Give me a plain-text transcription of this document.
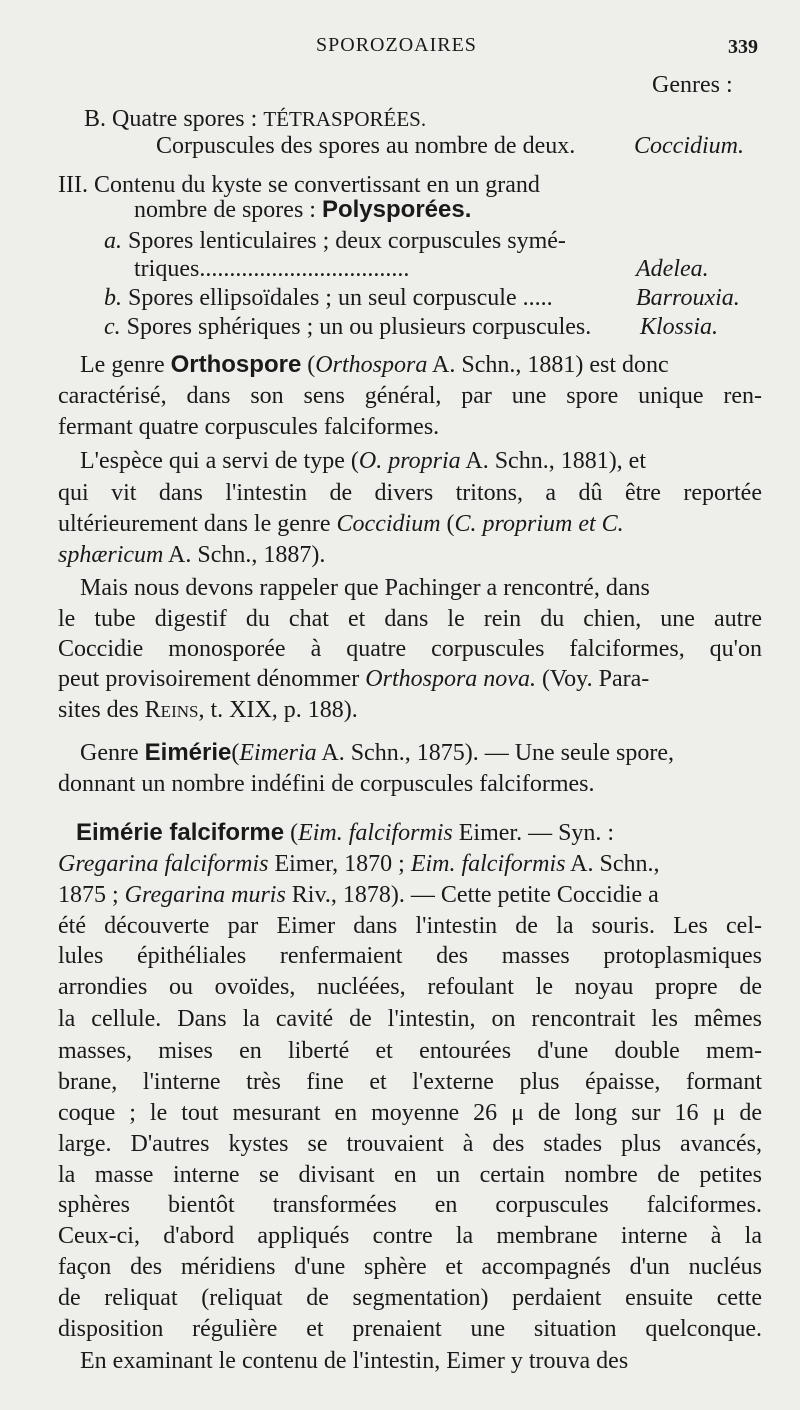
SPOROZOAIRES	339
Genres :
B. Quatre spores : TÉTRASPORÉES.
Corpuscules des spores au nombre de deux. Coccidium.
III. Contenu du kyste se convertissant en un grand
nombre de spores : Polysporées.
a. Spores lenticulaires ; deux corpuscules symé-
triques...................................	Adelea.
b. Spores ellipsoïdales ; un seul corpuscule .....	Barrouxia.
c. Spores sphériques ; un ou plusieurs corpuscules. Klossia.
Le genre Orthospore (Orthospora A. Schn., 1881) est donc
caractérisé, dans son sens général, par une spore unique ren-
fermant quatre corpuscules falciformes.
L'espèce qui a servi de type (O. propria A. Schn., 1881), et
qui vit dans l'intestin de divers tritons, a dû être reportée
ultérieurement dans le genre Coccidium (C. proprium et C.
sphæricum A. Schn., 1887).
Mais nous devons rappeler que Pachinger a rencontré, dans
le tube digestif du chat et dans le rein du chien, une autre
Coccidie monosporée à quatre corpuscules falciformes, qu'on
peut provisoirement dénommer Orthospora nova. (Voy. Para-
sites des Reins, t. XIX, p. 188).
Genre Eimérie(Eimeria A. Schn., 1875). — Une seule spore,
donnant un nombre indéfini de corpuscules falciformes.
Eimérie falciforme (Eim. falciformis Eimer. — Syn. :
Gregarina falciformis Eimer, 1870 ; Eim. falciformis A. Schn.,
1875 ; Gregarina muris Riv., 1878). — Cette petite Coccidie a
été découverte par Eimer dans l'intestin de la souris. Les cel-
lules épithéliales renfermaient des masses protoplasmiques
arrondies ou ovoïdes, nucléées, refoulant le noyau propre de
la cellule. Dans la cavité de l'intestin, on rencontrait les mêmes
masses, mises en liberté et entourées d'une double mem-
brane, l'interne très fine et l'externe plus épaisse, formant
coque ; le tout mesurant en moyenne 26 μ de long sur 16 μ de
large. D'autres kystes se trouvaient à des stades plus avancés,
la masse interne se divisant en un certain nombre de petites
sphères bientôt transformées en corpuscules falciformes.
Ceux-ci, d'abord appliqués contre la membrane interne à la
façon des méridiens d'une sphère et accompagnés d'un nucléus
de reliquat (reliquat de segmentation) perdaient ensuite cette
disposition régulière et prenaient une situation quelconque.
En examinant le contenu de l'intestin, Eimer y trouva des
